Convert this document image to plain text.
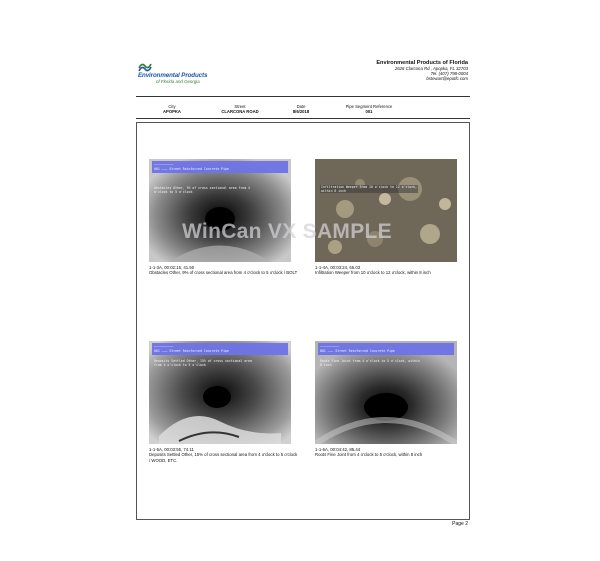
Environmental Products
of Florida and Georgia
Environmental Products of Florida
2626 Clarcona Rd., Apopka, FL 32703
Tel. (407) 798-0004
bstewart@epotfc.com
City
APOPKA
Street
CLARCONA ROAD
Date
8/6/2018
Pipe Segment Reference
001
——————————
001 ——— Street Reinforced Concrete Pipe
Obstacles Other, 9% of cross sectional area from 4
o'clock to 5 o'clock
1-1-3A, 00:02:15, 41.50
Obstacles Other, 9% of cross sectional area from 4 o'clock to 5 o'clock / BOLT
Infiltration Weeper from 10 o'clock to 12 o'clock,
within 8 inch
1-1-4A, 00:03:24, 65.03
Infiltration Weeper from 10 o'clock to 12 o'clock, within 8 inch
——————————
001 ——— Street Reinforced Concrete Pipe
Deposits Settled Other, 15% of cross sectional area
from 4 o'clock to 5 o'clock
1-1-5A, 00:03:55, 74.11
Deposits Settled Other, 15% of cross sectional area from 4 o'clock to 5 o'clock / WOOD, ETC.
——————————
001 ——— Street Reinforced Concrete Pipe
Roots Fine Joint from 4 o'clock to 5 o'clock, within
8 inch
1-1-6A, 00:04:42, 85.44
Roots Fine Joint from 4 o'clock to 5 o'clock, within 8 inch
Page 2
WinCan VX SAMPLE
